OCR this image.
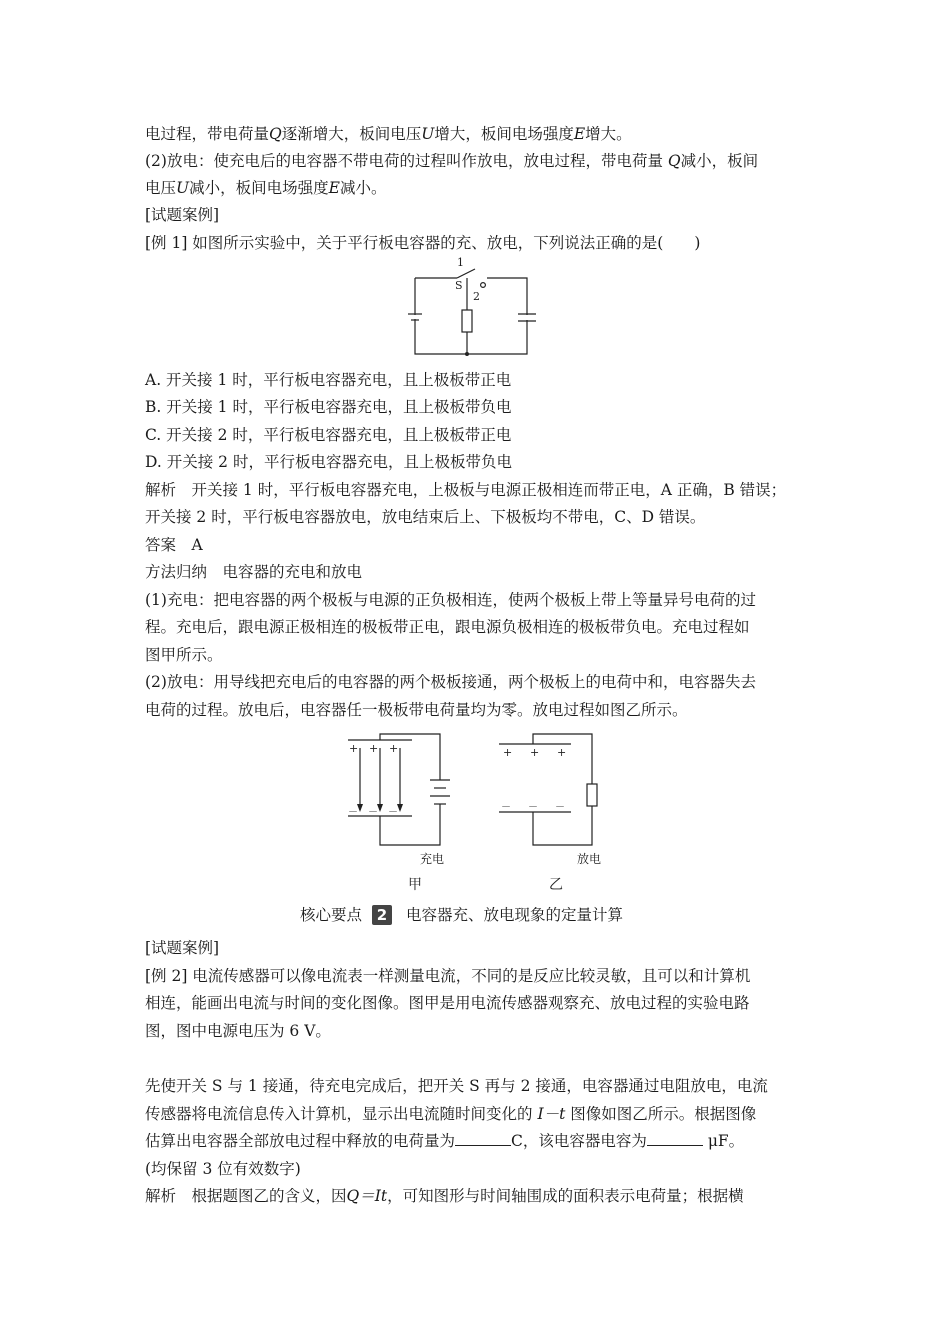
电过程，带电荷量Q逐渐增大，板间电压U增大，板间电场强度E增大。
(2)放电：使充电后的电容器不带电荷的过程叫作放电，放电过程，带电荷量 Q减小，板间
电压U减小，板间电场强度E减小。
[试题案例]
[例 1] 如图所示实验中，关于平行板电容器的充、放电，下列说法正确的是(　　)
1
S
2
A. 开关接 1 时，平行板电容器充电，且上极板带正电
B. 开关接 1 时，平行板电容器充电，且上极板带负电
C. 开关接 2 时，平行板电容器充电，且上极板带正电
D. 开关接 2 时，平行板电容器充电，且上极板带负电
解析　开关接 1 时，平行板电容器充电，上极板与电源正极相连而带正电，A 正确，B 错误；
开关接 2 时，平行板电容器放电，放电结束后上、下极板均不带电，C、D 错误。
答案　A
方法归纳　电容器的充电和放电
(1)充电：把电容器的两个极板与电源的正负极相连，使两个极板上带上等量异号电荷的过
程。充电后，跟电源正极相连的极板带正电，跟电源负极相连的极板带负电。充电过程如
图甲所示。
(2)放电：用导线把充电后的电容器的两个极板接通，两个极板上的电荷中和，电容器失去
电荷的过程。放电后，电容器任一极板带电荷量均为零。放电过程如图乙所示。
+ + +
－ － －
充电
甲
+ + +
－ － －
放电
乙
核心要点 2	电容器充、放电现象的定量计算
[试题案例]
[例 2] 电流传感器可以像电流表一样测量电流，不同的是反应比较灵敏，且可以和计算机
相连，能画出电流与时间的变化图像。图甲是用电流传感器观察充、放电过程的实验电路
图，图中电源电压为 6 V。
先使开关 S 与 1 接通，待充电完成后，把开关 S 再与 2 接通，电容器通过电阻放电，电流
传感器将电流信息传入计算机，显示出电流随时间变化的 I－t 图像如图乙所示。根据图像
估算出电容器全部放电过程中释放的电荷量为	C，该电容器电容为	μF。
(均保留 3 位有效数字)
解析　根据题图乙的含义，因Q＝It，可知图形与时间轴围成的面积表示电荷量；根据横
